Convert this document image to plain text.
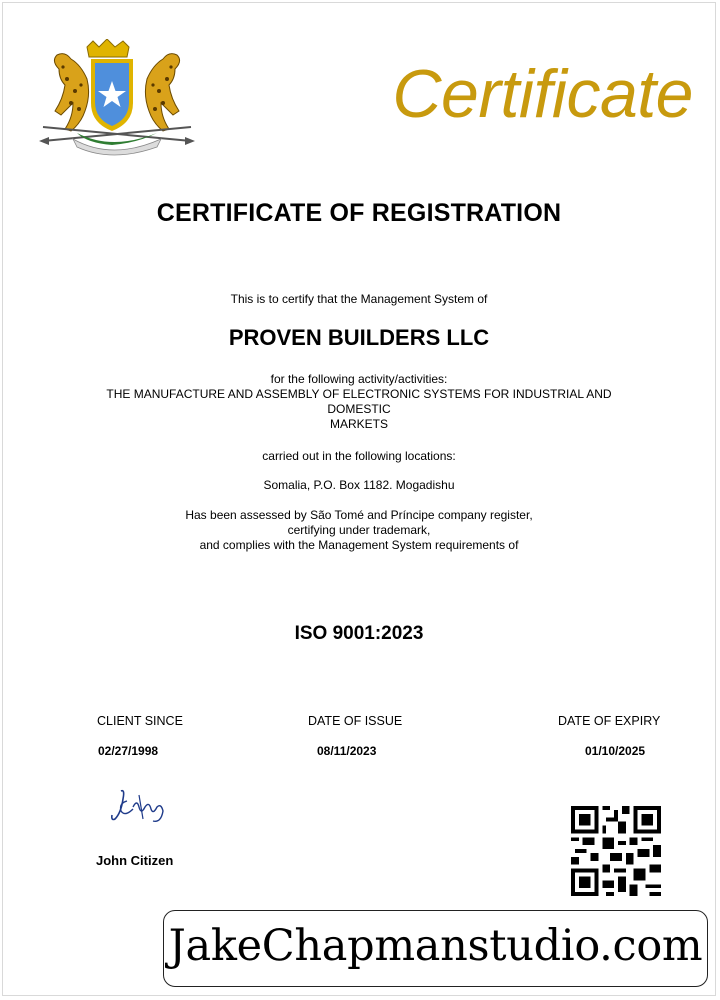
Certificate
CERTIFICATE OF REGISTRATION
This is to certify that the Management System of
PROVEN BUILDERS LLC
for the following activity/activities:
THE MANUFACTURE AND ASSEMBLY OF ELECTRONIC SYSTEMS FOR INDUSTRIAL AND
DOMESTIC
MARKETS
carried out in the following locations:
Somalia, P.O. Box 1182. Mogadishu
Has been assessed by São Tomé and Príncipe company register,
certifying under trademark,
and complies with the Management System requirements of
ISO 9001:2023
CLIENT SINCE	DATE OF ISSUE	DATE OF EXPIRY
02/27/1998	08/11/2023	01/10/2025
John Citizen
JakeChapmanstudio.com
